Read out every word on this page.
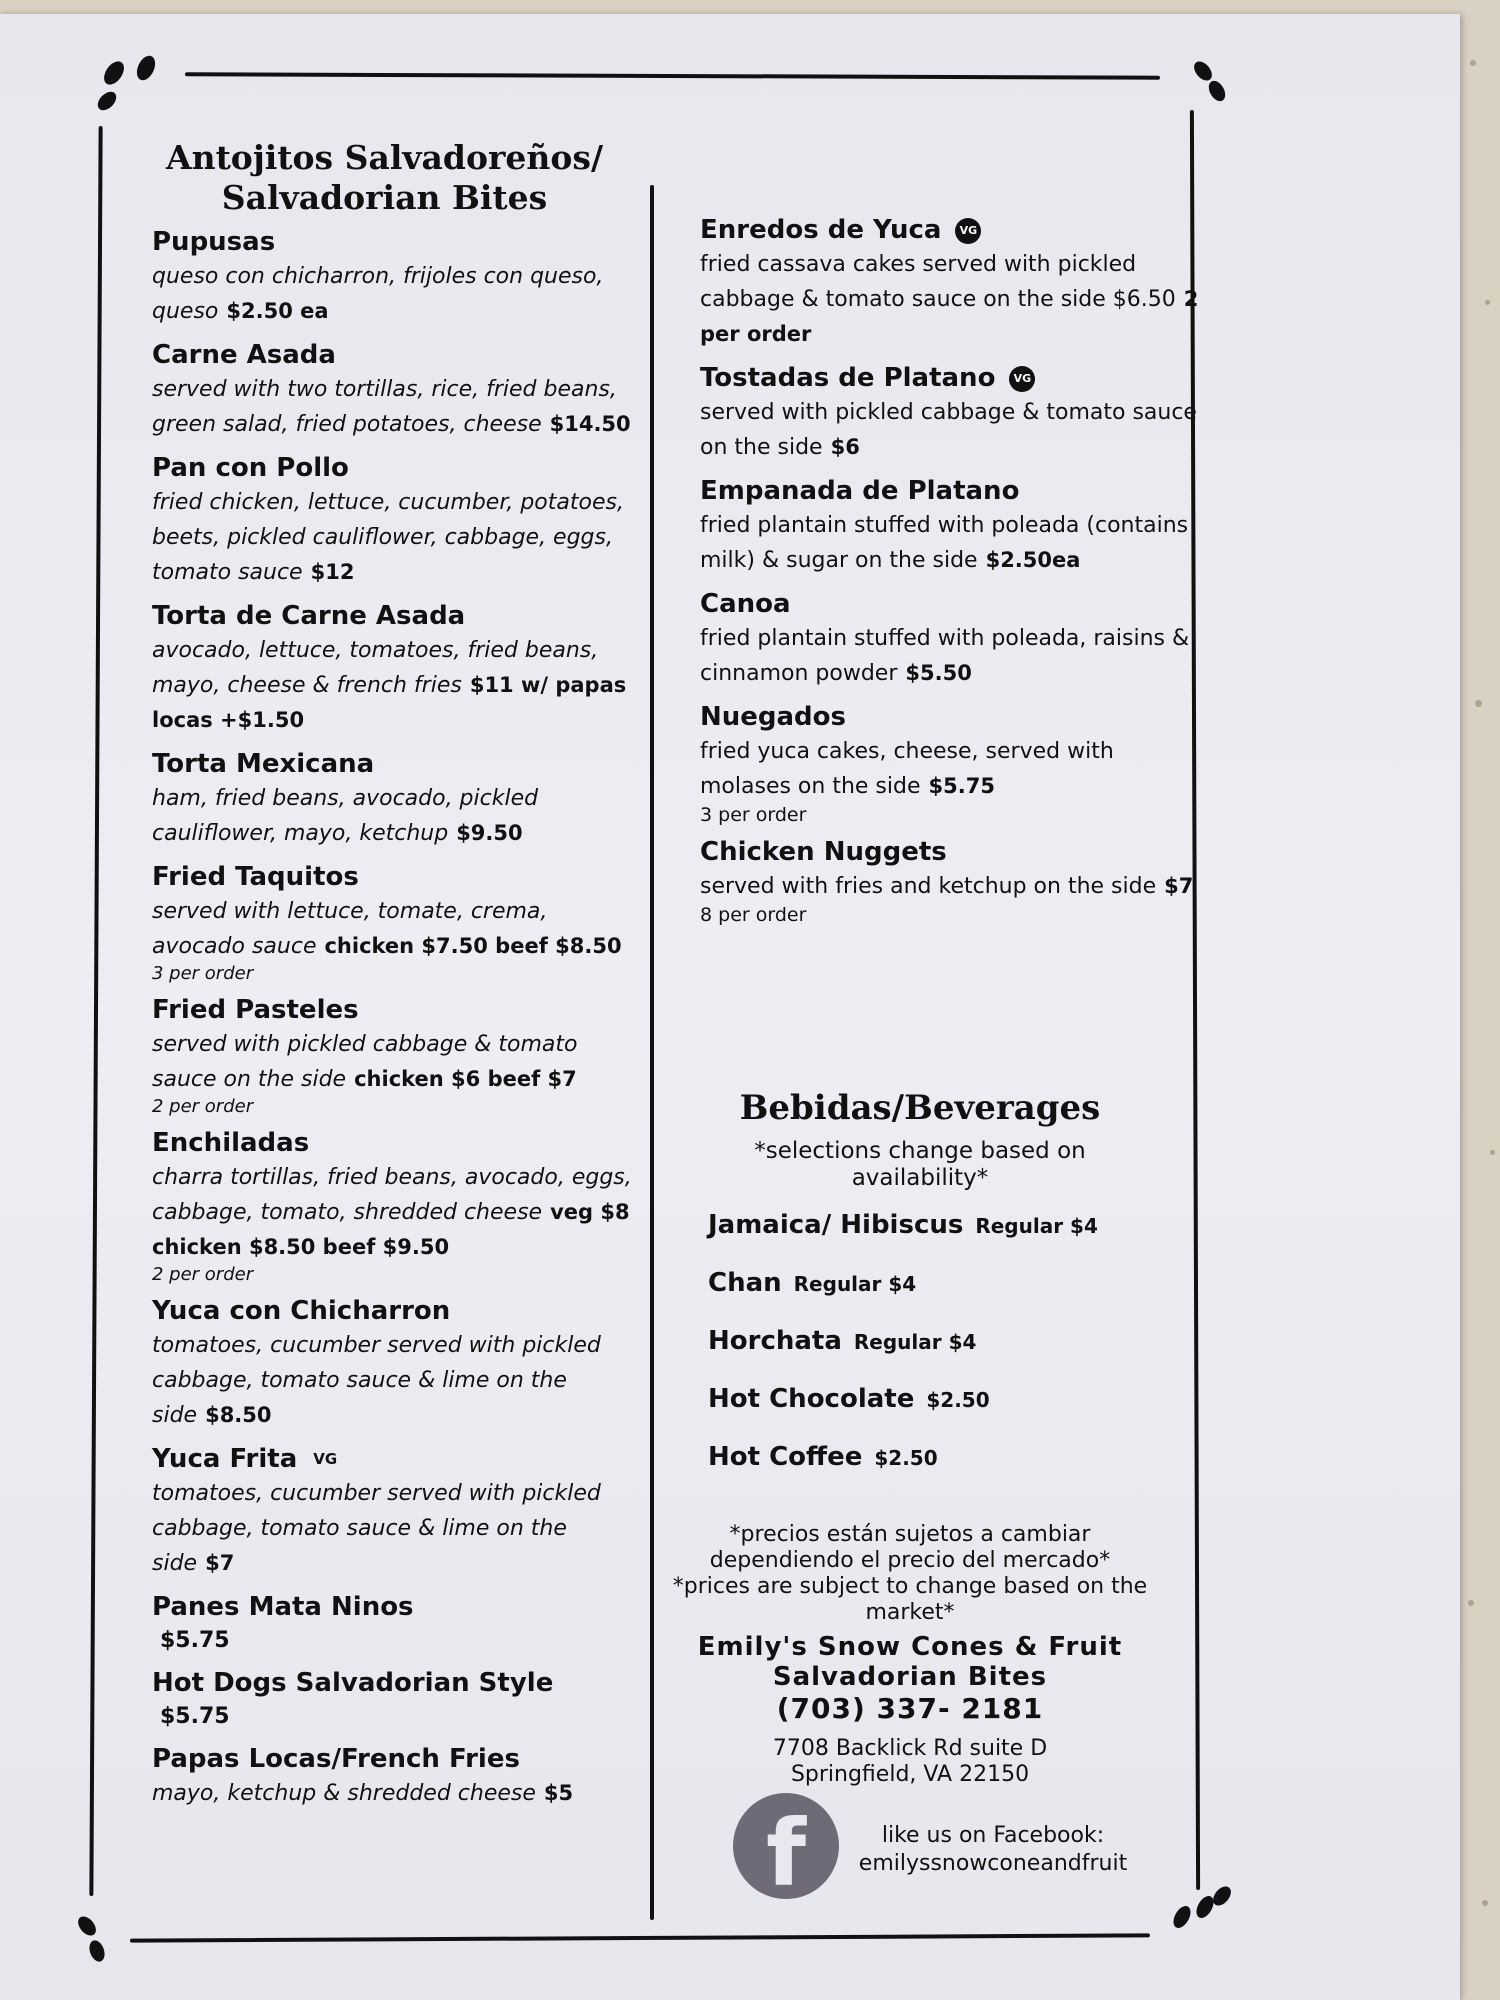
Antojitos Salvadoreños/
Salvadorian Bites
Pupusas
queso con chicharron, frijoles con queso, queso $2.50 ea
Carne Asada
served with two tortillas, rice, fried beans, green salad, fried potatoes, cheese $14.50
Pan con Pollo
fried chicken, lettuce, cucumber, potatoes, beets, pickled cauliflower, cabbage, eggs, tomato sauce $12
Torta de Carne Asada
avocado, lettuce, tomatoes, fried beans, mayo, cheese & french fries $11 w/ papas locas +$1.50
Torta Mexicana
ham, fried beans, avocado, pickled cauliflower, mayo, ketchup $9.50
Fried Taquitos
served with lettuce, tomate, crema, avocado sauce chicken $7.50 beef $8.50
3 per order
Fried Pasteles
served with pickled cabbage & tomato sauce on the side chicken $6 beef $7
2 per order
Enchiladas
charra tortillas, fried beans, avocado, eggs, cabbage, tomato, shredded cheese veg $8 chicken $8.50 beef $9.50
2 per order
Yuca con Chicharron
tomatoes, cucumber served with pickled cabbage, tomato sauce & lime on the side $8.50
Yuca Frita VG
tomatoes, cucumber served with pickled cabbage, tomato sauce & lime on the side $7
Panes Mata Ninos
$5.75
Hot Dogs Salvadorian Style
$5.75
Papas Locas/French Fries
mayo, ketchup & shredded cheese $5
Enredos de Yuca VG
fried cassava cakes served with pickled cabbage & tomato sauce on the side $6.50 2 per order
Tostadas de Platano VG
served with pickled cabbage & tomato sauce on the side $6
Empanada de Platano
fried plantain stuffed with poleada (contains milk) & sugar on the side $2.50ea
Canoa
fried plantain stuffed with poleada, raisins & cinnamon powder $5.50
Nuegados
fried yuca cakes, cheese, served with molases on the side $5.75
3 per order
Chicken Nuggets
served with fries and ketchup on the side $7
8 per order
Bebidas/Beverages
*selections change based on availability*
Jamaica/ Hibiscus Regular $4
Chan Regular $4
Horchata Regular $4
Hot Chocolate $2.50
Hot Coffee $2.50
*precios están sujetos a cambiar dependiendo el precio del mercado*
*prices are subject to change based on the market*
Emily's Snow Cones & Fruit
Salvadorian Bites
(703) 337- 2181
7708 Backlick Rd suite D
Springfield, VA 22150
f	like us on Facebook:
emilyssnowconeandfruit
